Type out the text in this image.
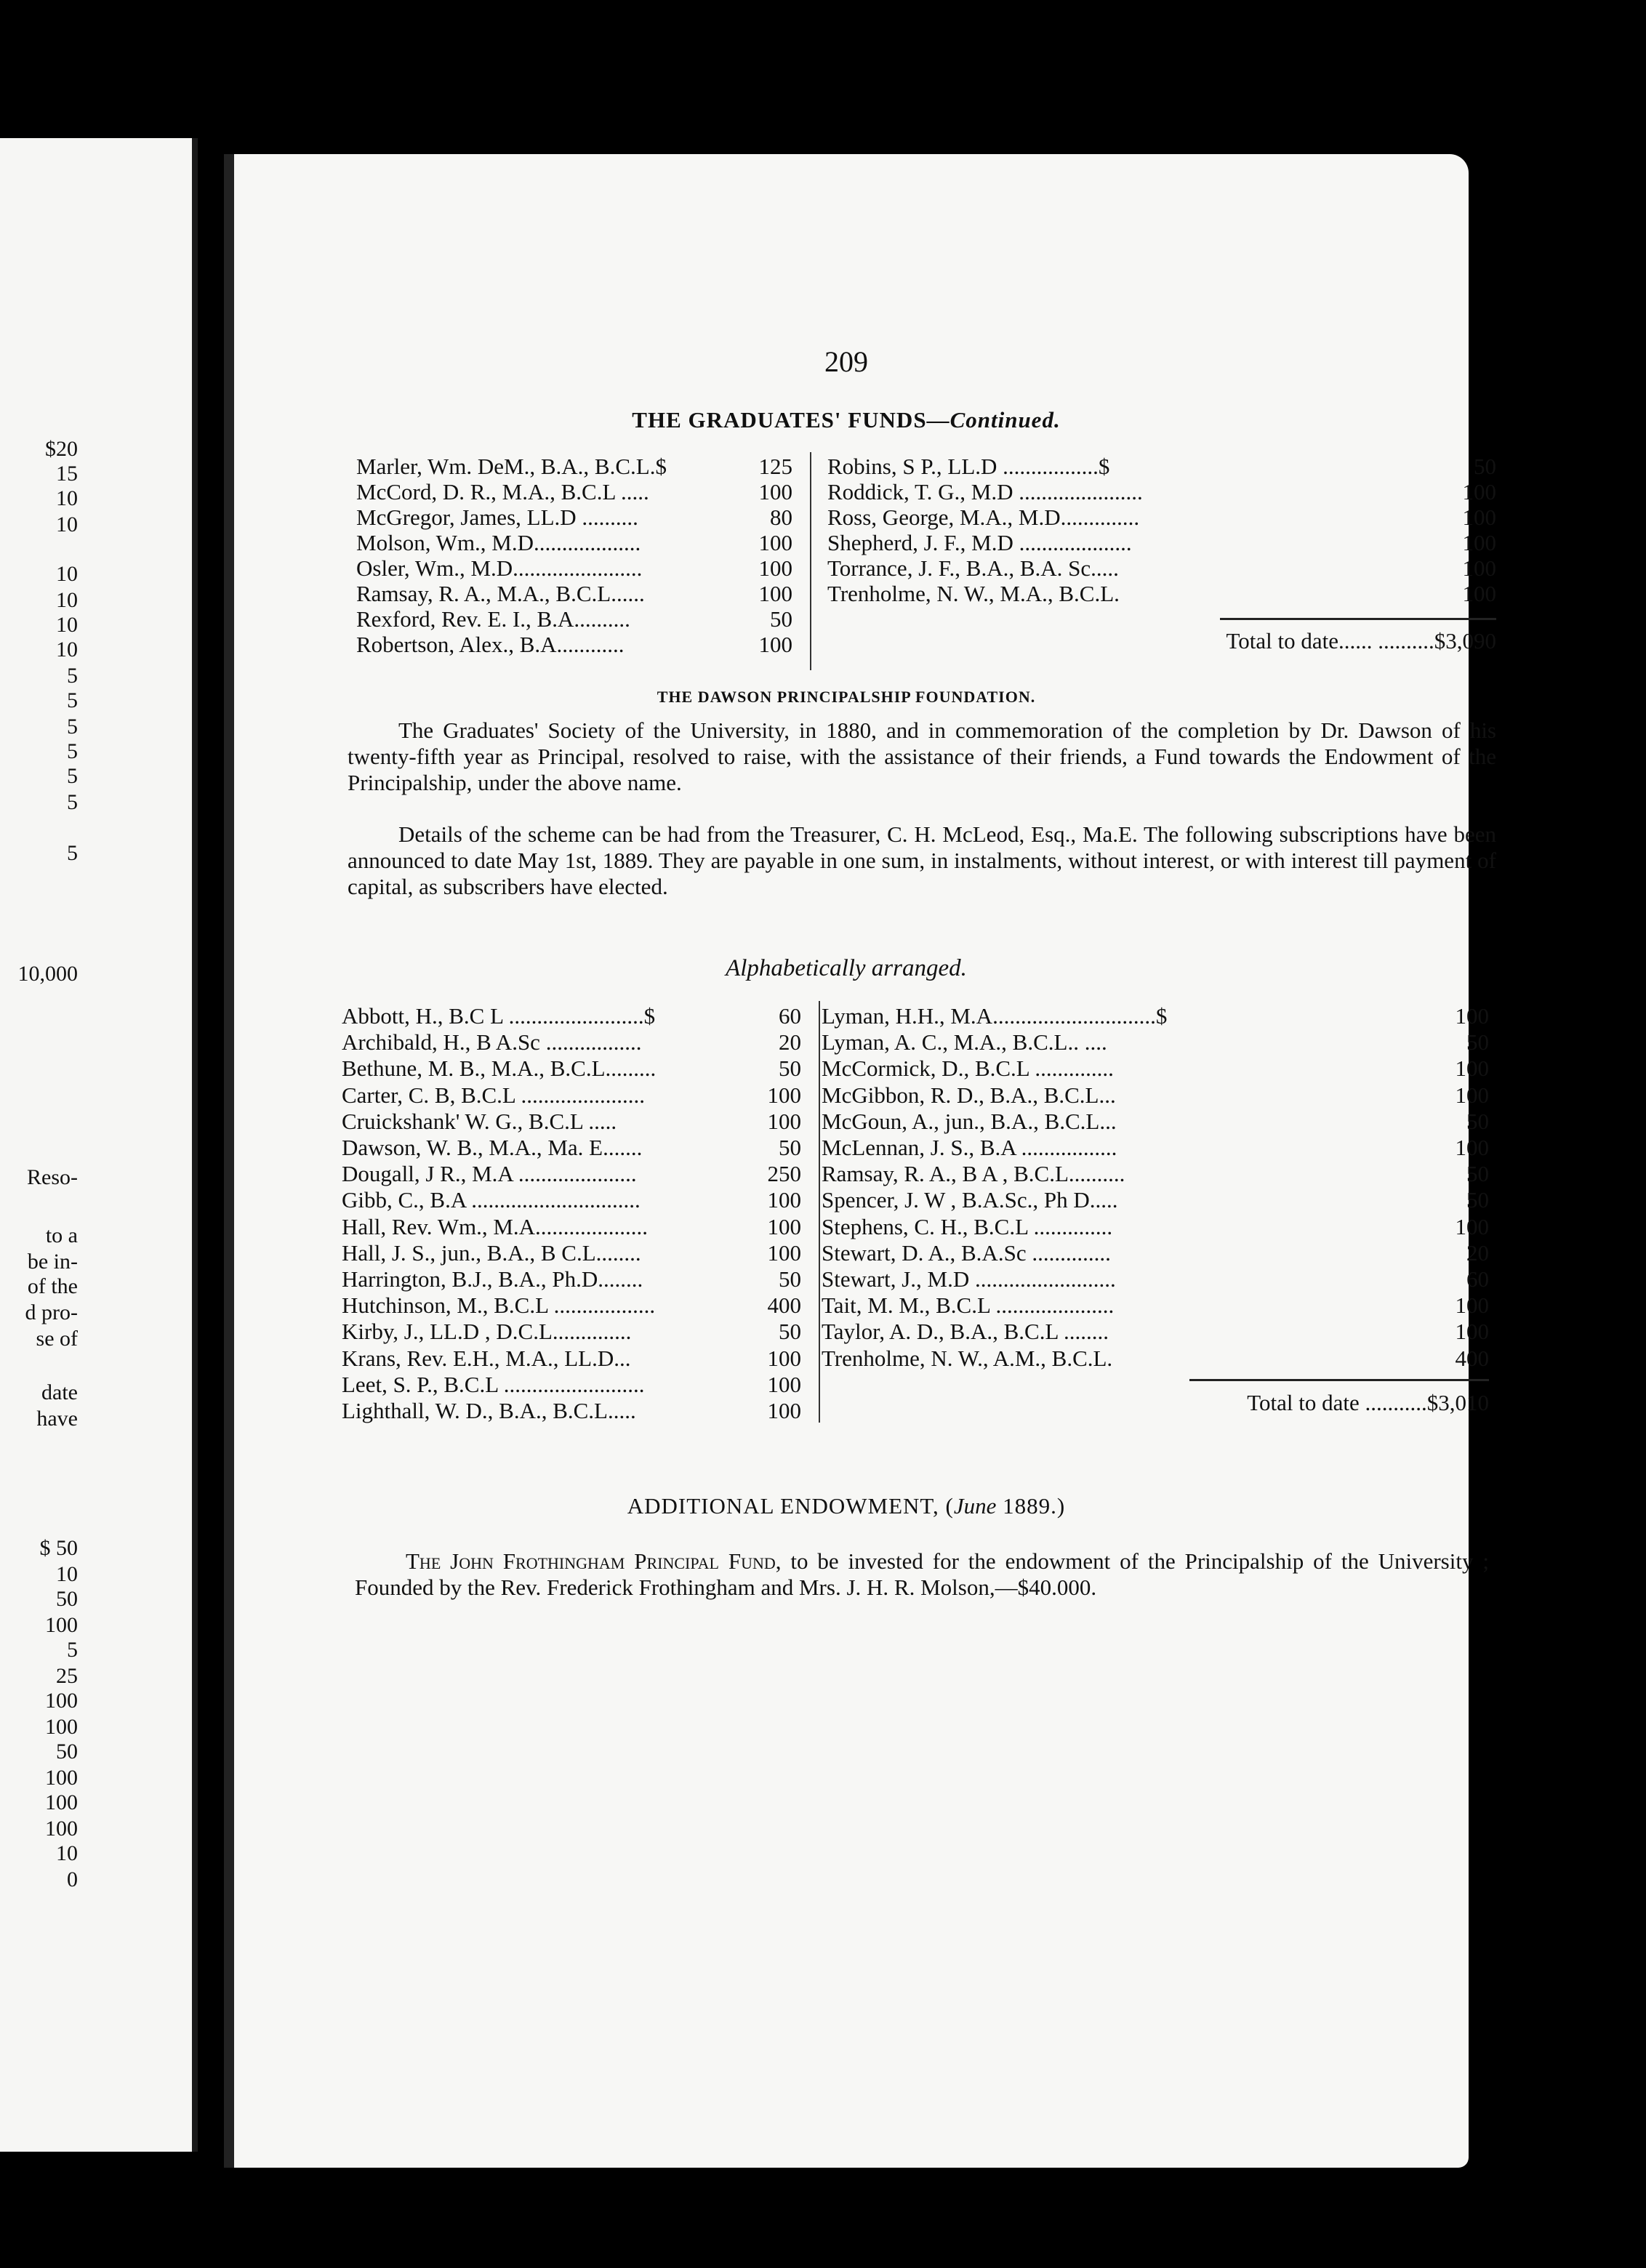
$20
15
10
10
10
10
10
10
5
5
5
5
5
5
5
10,000
Reso-
to a
be in-
of the
d pro-
se of
date
have
$ 50
10
50
100
5
25
100
100
50
100
100
100
10
0
209
THE GRADUATES' FUNDS—Continued.
Marler, Wm. DeM., B.A., B.C.L.$	125
McCord, D. R., M.A., B.C.L .....	100
McGregor, James, LL.D ..........	80
Molson, Wm., M.D...................	100
Osler, Wm., M.D.......................	100
Ramsay, R. A., M.A., B.C.L......	100
Rexford, Rev. E. I., B.A..........	50
Robertson, Alex., B.A............	100
Robins, S P., LL.D .................$	50
Roddick, T. G., M.D ......................	100
Ross, George, M.A., M.D..............	100
Shepherd, J. F., M.D ....................	100
Torrance, J. F., B.A., B.A. Sc.....	100
Trenholme, N. W., M.A., B.C.L.	100
Total to date...... ..........$3,090
THE DAWSON PRINCIPALSHIP FOUNDATION.

The Graduates' Society of the University, in 1880, and in commemoration of the completion by Dr. Dawson of his twenty-fifth year as Principal, resolved to raise, with the assistance of their friends, a Fund towards the Endowment of the Principalship, under the above name.

Details of the scheme can be had from the Treasurer, C. H. McLeod, Esq., Ma.E. The following subscriptions have been announced to date May 1st, 1889. They are payable in one sum, in instalments, without interest, or with interest till payment of capital, as subscribers have elected.

Alphabetically arranged.
Abbott, H., B.C L ........................$	60
Archibald, H., B A.Sc .................	20
Bethune, M. B., M.A., B.C.L.........	50
Carter, C. B, B.C.L ......................	100
Cruickshank' W. G., B.C.L .....	100
Dawson, W. B., M.A., Ma. E.......	50
Dougall, J R., M.A .....................	250
Gibb, C., B.A ..............................	100
Hall, Rev. Wm., M.A....................	100
Hall, J. S., jun., B.A., B C.L........	100
Harrington, B.J., B.A., Ph.D........	50
Hutchinson, M., B.C.L ..................	400
Kirby, J., LL.D , D.C.L..............	50
Krans, Rev. E.H., M.A., LL.D...	100
Leet, S. P., B.C.L .........................	100
Lighthall, W. D., B.A., B.C.L.....	100
Lyman, H.H., M.A.............................$	100
Lyman, A. C., M.A., B.C.L.. ....	50
McCormick, D., B.C.L ..............	100
McGibbon, R. D., B.A., B.C.L...	100
McGoun, A., jun., B.A., B.C.L...	50
McLennan, J. S., B.A .................	100
Ramsay, R. A., B A , B.C.L..........	50
Spencer, J. W , B.A.Sc., Ph D.....	50
Stephens, C. H., B.C.L ..............	100
Stewart, D. A., B.A.Sc ..............	20
Stewart, J., M.D .........................	60
Tait, M. M., B.C.L .....................	100
Taylor, A. D., B.A., B.C.L ........	100
Trenholme, N. W., A.M., B.C.L.	400
Total to date ...........$3,010
ADDITIONAL ENDOWMENT, (June 1889.)

The John Frothingham Principal Fund, to be invested for the endowment of the Principalship of the University ; Founded by the Rev. Frederick Frothingham and Mrs. J. H. R. Molson,—$40.000.
